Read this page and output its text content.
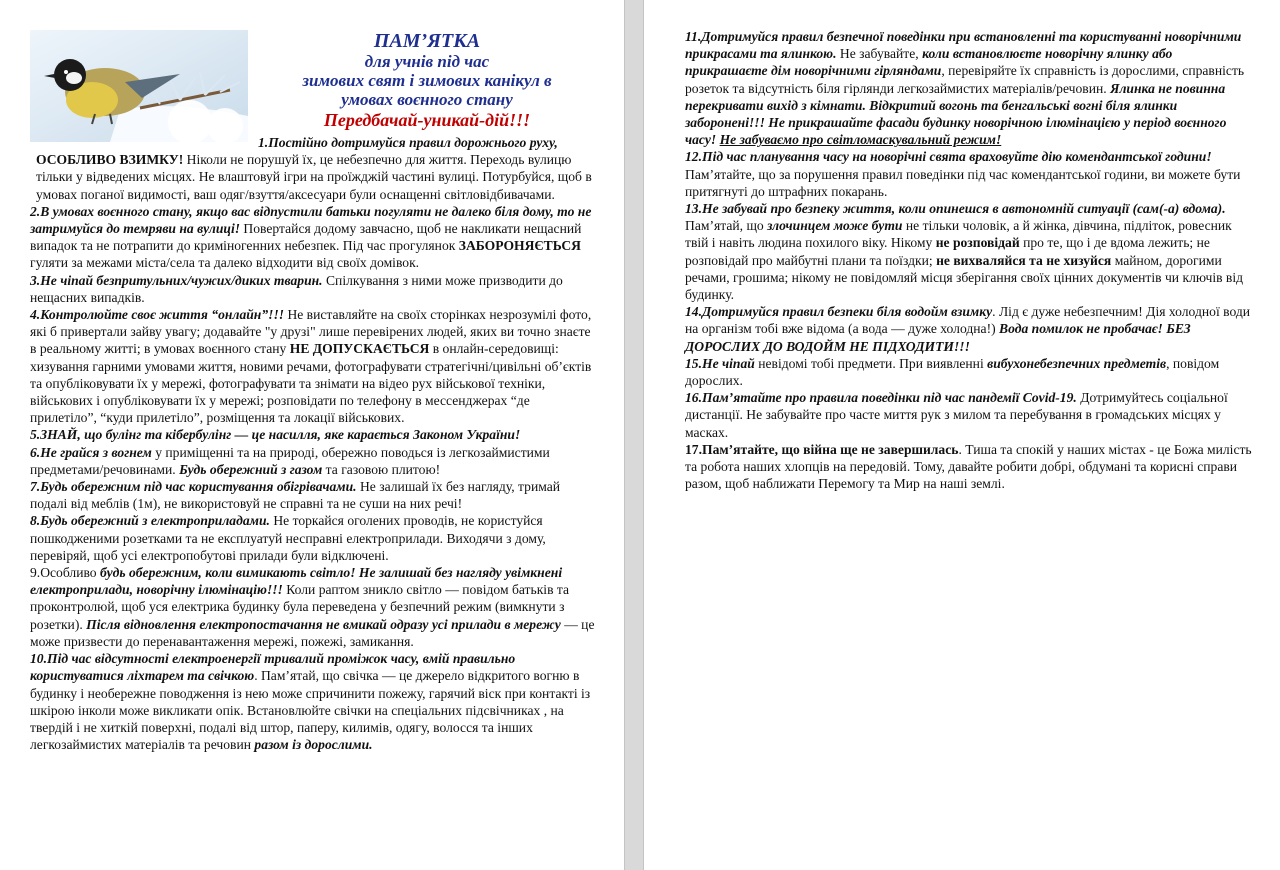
ПАМ’ЯТКА
для учнів під час
зимових свят і зимових канікул в
умовах воєнного стану
Передбачай-уникай-дій!!!

1.Постійно дотримуйся правил дорожнього руху,

ОСОБЛИВО ВЗИМКУ! Ніколи не порушуй їх, це небезпечно для життя. Переходь вулицю тільки у відведених місцях. Не влаштовуй ігри на проїжджій частині вулиці. Потурбуйся, щоб в умовах поганої видимості, ваш одяг/взуття/аксесуари були оснащенні світловідбивачами.

2.В умовах воєнного стану, якщо вас відпустили батьки погуляти не далеко біля дому, то не затримуйся до темряви на вулиці! Повертайся додому завчасно, щоб не накликати нещасний випадок та не потрапити до криміногенних небезпек. Під час прогулянок ЗАБОРОНЯЄТЬСЯ гуляти за межами міста/села та далеко відходити від своїх домівок.

3.Не чіпай безпритульних/чужих/диких тварин. Спілкування з ними може призводити до нещасних випадків.

4.Контролюйте своє життя “онлайн”!!! Не виставляйте на своїх сторінках незрозумілі фото, які б привертали зайву увагу; додавайте "у друзі" лише перевірених людей, яких ви точно знаєте в реальному житті; в умовах воєнного стану НЕ ДОПУСКАЄТЬСЯ в онлайн-середовищі: хизування гарними умовами життя, новими речами, фотографувати стратегічні/цивільні об’єктів та опубліковувати їх у мережі, фотографувати та знімати на відео рух військової техніки, військових і опубліковувати їх у мережі; розповідати по телефону в мессенджерах “де прилетіло”, “куди прилетіло”, розміщення та локації військових.

5.ЗНАЙ, що булінг та кібербулінг — це насилля, яке карається Законом України!

6.Не грайся з вогнем у приміщенні та на природі, обережно поводься із легкозаймистими предметами/речовинами. Будь обережний з газом та газовою плитою!

7.Будь обережним під час користування обігрівачами. Не залишай їх без нагляду, тримай подалі від меблів (1м), не використовуй не справні та не суши на них речі!

8.Будь обережний з електроприладами. Не торкайся оголених проводів, не користуйся пошкодженими розетками та не експлуатуй несправні електроприлади. Виходячи з дому, перевіряй, щоб усі електропобутові прилади були відключені.

9.Особливо будь обережним, коли вимикають світло! Не залишай без нагляду увімкнені електроприлади, новорічну ілюмінацію!!! Коли раптом зникло світло — повідом батьків та проконтролюй, щоб уся електрика будинку була переведена у безпечний режим (вимкнути з розетки). Після відновлення електропостачання не вмикай одразу усі прилади в мережу — це може призвести до перенавантаження мережі, пожежі, замикання.

10.Під час відсутності електроенергії тривалий проміжок часу, вмій правильно користуватися ліхтарем та свічкою. Пам’ятай, що свічка — це джерело відкритого вогню в будинку і необережне поводження із нею може спричинити пожежу, гарячий віск при контакті із шкірою інколи може викликати опік. Встановлюйте свічки на спеціальних підсвічниках , на твердій і не хиткій поверхні, подалі від штор, паперу, килимів, одягу, волосся та інших легкозаймистих матеріалів та речовин разом із дорослими.

11.Дотримуйся правил безпечної поведінки при встановленні та користуванні новорічними прикрасами та ялинкою. Не забувайте, коли встановлюєте новорічну ялинку або прикрашаєте дім новорічними гірляндами, перевіряйте їх справність із дорослими, справність розеток та відсутність біля гірлянди легкозаймистих матеріалів/речовин. Ялинка не повинна перекривати вихід з кімнати. Відкритий вогонь та бенгальські вогні біля ялинки заборонені!!! Не прикрашайте фасади будинку новорічною ілюмінацією у період воєнного часу! Не забуваємо про світломаскувальний режим!

12.Під час планування часу на новорічні свята враховуйте дію комендантської години! Пам’ятайте, що за порушення правил поведінки під час комендантської години, ви можете бути притягнуті до штрафних покарань.

13.Не забувай про безпеку життя, коли опинешся в автономній ситуації (сам(-а) вдома). Пам’ятай, що злочинцем може бути не тільки чоловік, а й жінка, дівчина, підліток, ровесник твій і навіть людина похилого віку. Нікому не розповідай про те, що і де вдома лежить; не розповідай про майбутні плани та поїздки; не вихваляйся та не хизуйся майном, дорогими речами, грошима; нікому не повідомляй місця зберігання своїх цінних документів чи ключів від будинку.

14.Дотримуйся правил безпеки біля водойм взимку. Лід є дуже небезпечним! Дія холодної води на організм тобі вже відома (а вода — дуже холодна!) Вода помилок не пробачає! БЕЗ ДОРОСЛИХ ДО ВОДОЙМ НЕ ПІДХОДИТИ!!!

15.Не чіпай невідомі тобі предмети. При виявленні вибухонебезпечних предметів, повідом дорослих.

16.Пам’ятайте про правила поведінки під час пандемії Covid-19. Дотримуйтесь соціальної дистанції. Не забувайте про часте миття рук з милом та перебування в громадських місцях у масках.

17.Пам’ятайте, що війна ще не завершилась. Тиша та спокій у наших містах - це Божа милість та робота наших хлопців на передовій. Тому, давайте робити добрі, обдумані та корисні справи разом, щоб наближати Перемогу та Мир на наші землі.
